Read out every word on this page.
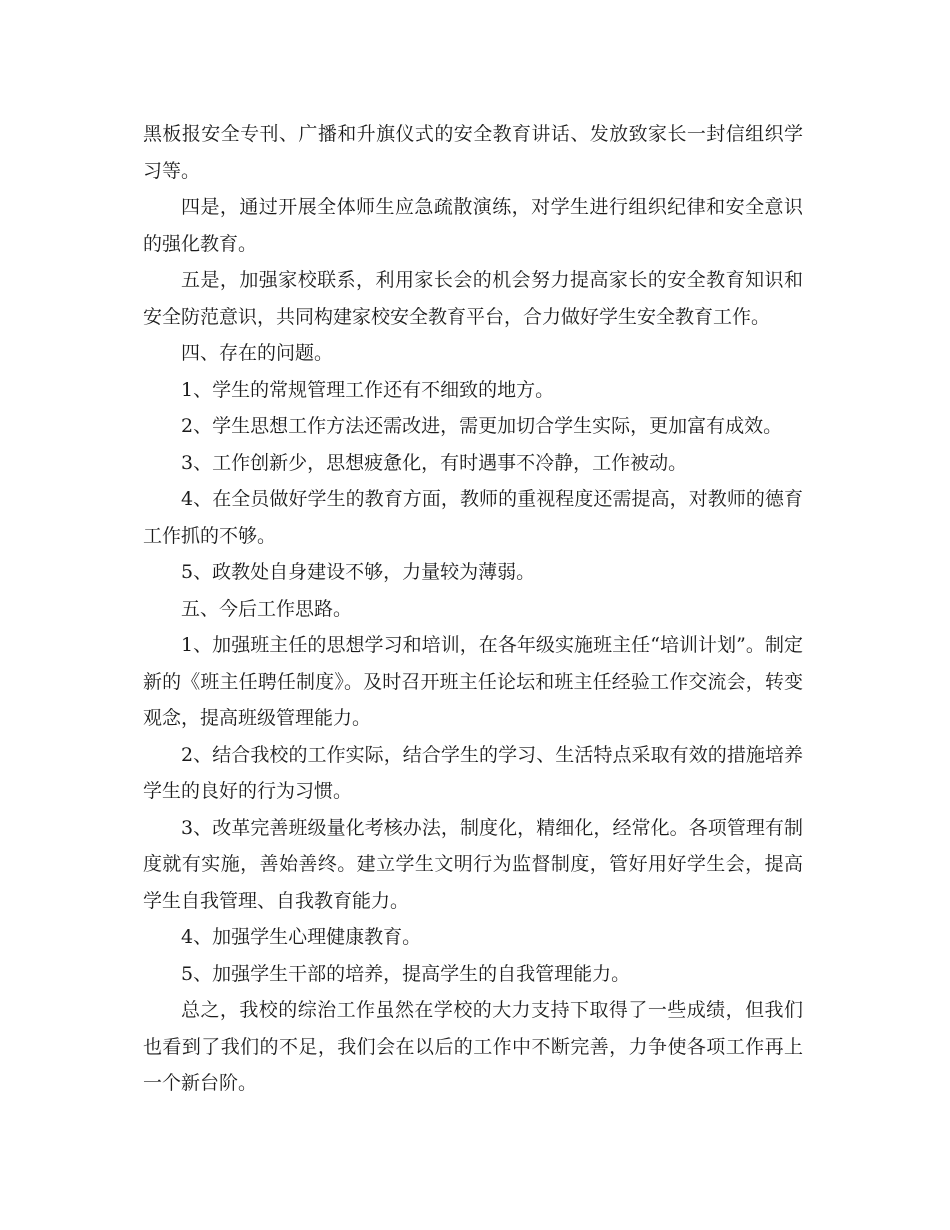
黑板报安全专刊、广播和升旗仪式的安全教育讲话、发放致家长一封信组织学习等。

四是，通过开展全体师生应急疏散演练，对学生进行组织纪律和安全意识的强化教育。

五是，加强家校联系，利用家长会的机会努力提高家长的安全教育知识和安全防范意识，共同构建家校安全教育平台，合力做好学生安全教育工作。

四、存在的问题。

1、学生的常规管理工作还有不细致的地方。

2、学生思想工作方法还需改进，需更加切合学生实际，更加富有成效。

3、工作创新少，思想疲惫化，有时遇事不冷静，工作被动。

4、在全员做好学生的教育方面，教师的重视程度还需提高，对教师的德育工作抓的不够。

5、政教处自身建设不够，力量较为薄弱。

五、今后工作思路。

1、加强班主任的思想学习和培训，在各年级实施班主任“培训计划”。制定新的《班主任聘任制度》。及时召开班主任论坛和班主任经验工作交流会，转变观念，提高班级管理能力。

2、结合我校的工作实际，结合学生的学习、生活特点采取有效的措施培养学生的良好的行为习惯。

3、改革完善班级量化考核办法，制度化，精细化，经常化。各项管理有制度就有实施，善始善终。建立学生文明行为监督制度，管好用好学生会，提高学生自我管理、自我教育能力。

4、加强学生心理健康教育。

5、加强学生干部的培养，提高学生的自我管理能力。

总之，我校的综治工作虽然在学校的大力支持下取得了一些成绩，但我们也看到了我们的不足，我们会在以后的工作中不断完善，力争使各项工作再上一个新台阶。
